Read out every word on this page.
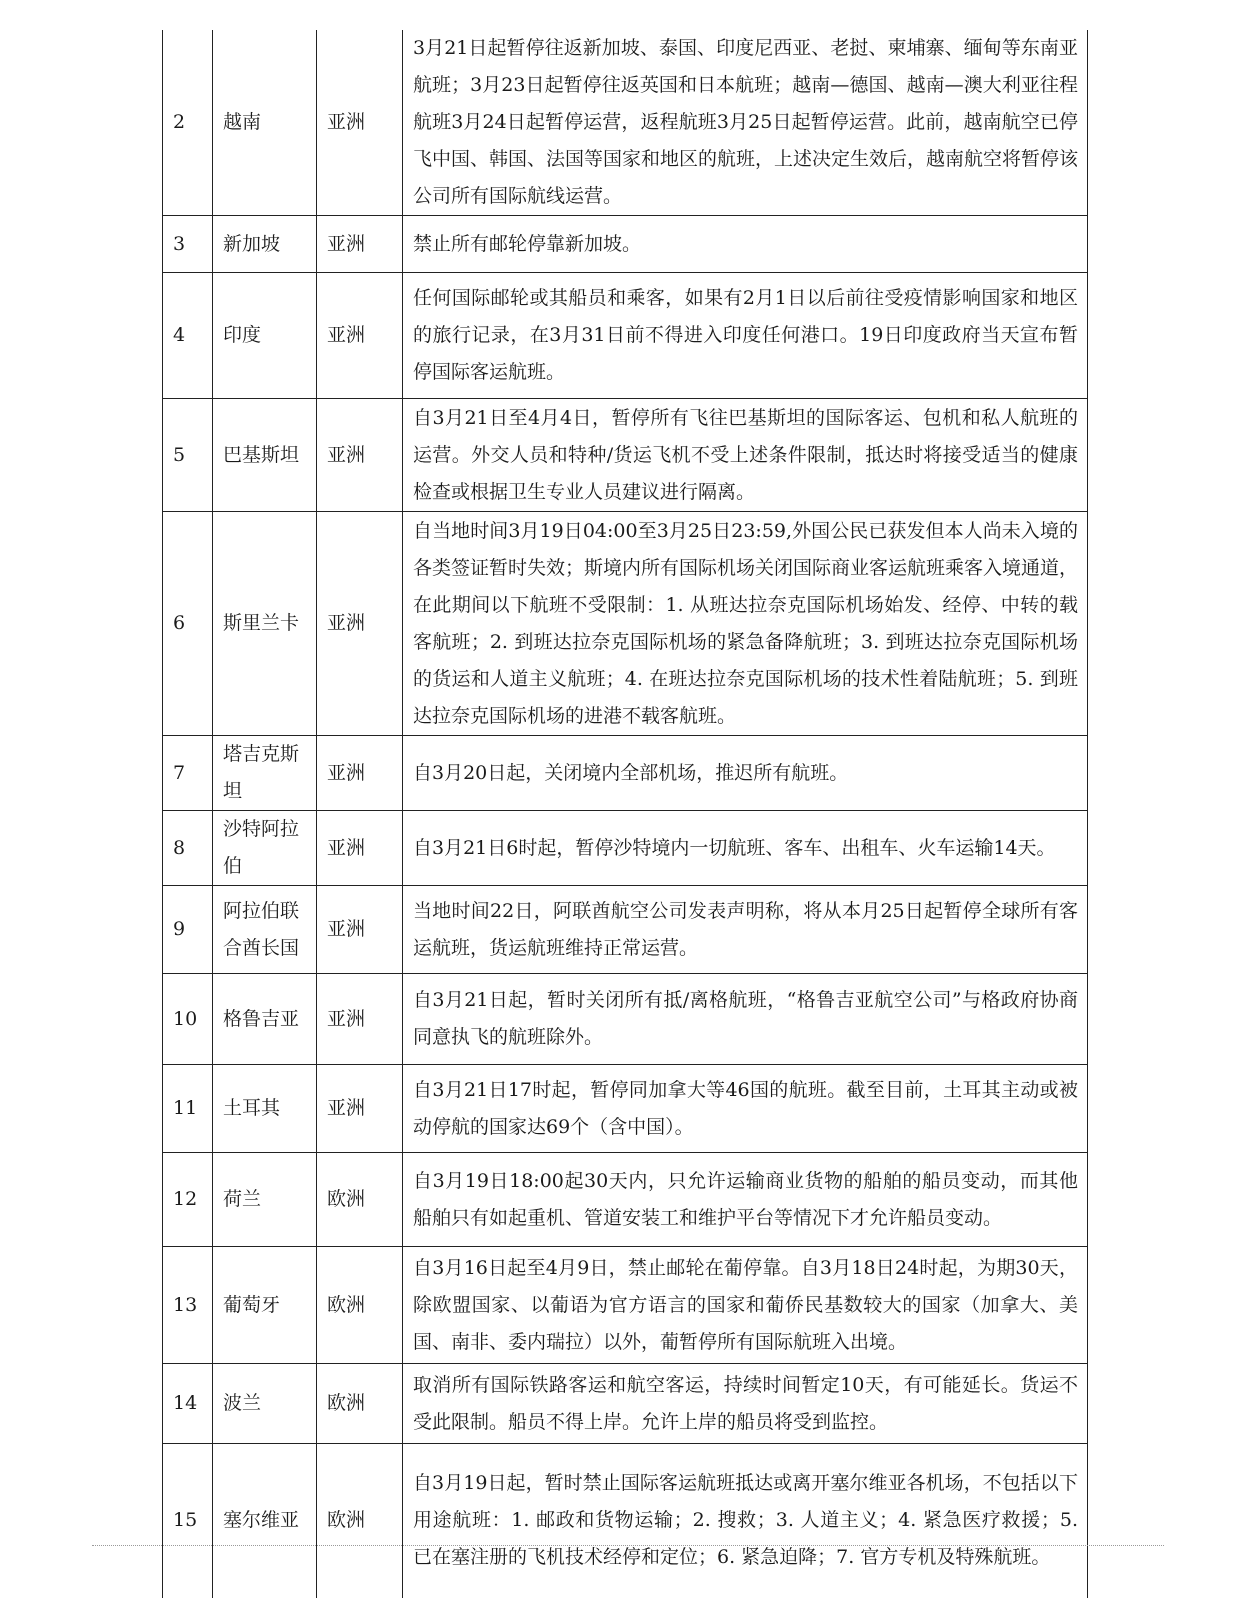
2	越南	亚洲	3月21日起暂停往返新加坡、泰国、印度尼西亚、老挝、柬埔寨、缅甸等东南亚航班；3月23日起暂停往返英国和日本航班；越南—德国、越南—澳大利亚往程航班3月24日起暂停运营，返程航班3月25日起暂停运营。此前，越南航空已停飞中国、韩国、法国等国家和地区的航班，上述决定生效后，越南航空将暂停该公司所有国际航线运营。
3	新加坡	亚洲	禁止所有邮轮停靠新加坡。
4	印度	亚洲	任何国际邮轮或其船员和乘客，如果有2月1日以后前往受疫情影响国家和地区的旅行记录，在3月31日前不得进入印度任何港口。19日印度政府当天宣布暂停国际客运航班。
5	巴基斯坦	亚洲	自3月21日至4月4日，暂停所有飞往巴基斯坦的国际客运、包机和私人航班的运营。外交人员和特种/货运飞机不受上述条件限制，抵达时将接受适当的健康检查或根据卫生专业人员建议进行隔离。
6	斯里兰卡	亚洲	自当地时间3月19日04:00至3月25日23:59,外国公民已获发但本人尚未入境的各类签证暂时失效；斯境内所有国际机场关闭国际商业客运航班乘客入境通道，在此期间以下航班不受限制：1. 从班达拉奈克国际机场始发、经停、中转的载客航班；2. 到班达拉奈克国际机场的紧急备降航班；3. 到班达拉奈克国际机场的货运和人道主义航班；4. 在班达拉奈克国际机场的技术性着陆航班；5. 到班达拉奈克国际机场的进港不载客航班。
7	塔吉克斯坦	亚洲	自3月20日起，关闭境内全部机场，推迟所有航班。
8	沙特阿拉伯	亚洲	自3月21日6时起，暂停沙特境内一切航班、客车、出租车、火车运输14天。
9	阿拉伯联合酋长国	亚洲	当地时间22日，阿联酋航空公司发表声明称，将从本月25日起暂停全球所有客运航班，货运航班维持正常运营。
10	格鲁吉亚	亚洲	自3月21日起，暂时关闭所有抵/离格航班，“格鲁吉亚航空公司”与格政府协商同意执飞的航班除外。
11	土耳其	亚洲	自3月21日17时起，暂停同加拿大等46国的航班。截至目前，土耳其主动或被动停航的国家达69个（含中国）。
12	荷兰	欧洲	自3月19日18:00起30天内，只允许运输商业货物的船舶的船员变动，而其他船舶只有如起重机、管道安装工和维护平台等情况下才允许船员变动。
13	葡萄牙	欧洲	自3月16日起至4月9日，禁止邮轮在葡停靠。自3月18日24时起，为期30天，除欧盟国家、以葡语为官方语言的国家和葡侨民基数较大的国家（加拿大、美国、南非、委内瑞拉）以外，葡暂停所有国际航班入出境。
14	波兰	欧洲	取消所有国际铁路客运和航空客运，持续时间暂定10天，有可能延长。货运不受此限制。船员不得上岸。允许上岸的船员将受到监控。
15	塞尔维亚	欧洲	自3月19日起，暂时禁止国际客运航班抵达或离开塞尔维亚各机场，不包括以下用途航班：1. 邮政和货物运输；2. 搜救；3. 人道主义；4. 紧急医疗救援；5. 已在塞注册的飞机技术经停和定位；6. 紧急迫降；7. 官方专机及特殊航班。
